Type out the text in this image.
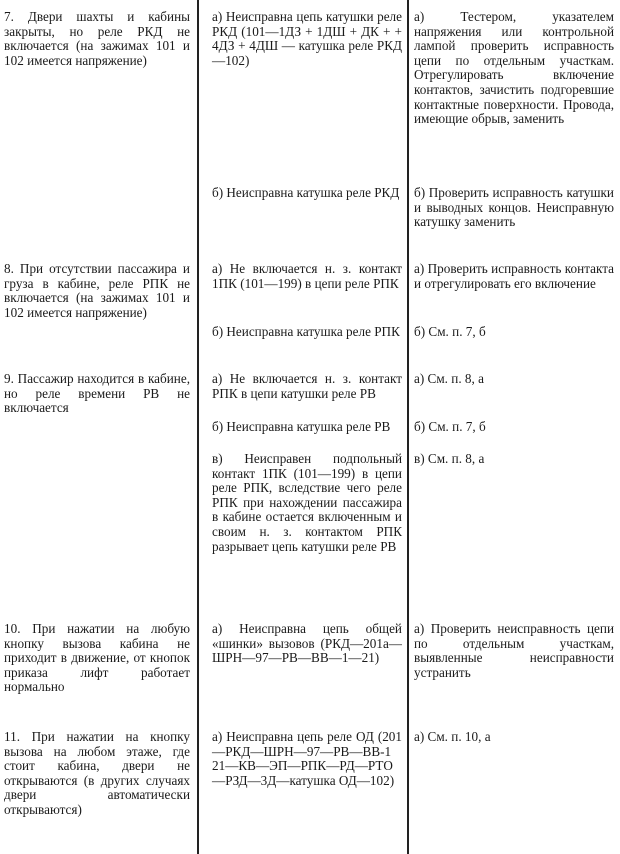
7. Двери шахты и кабины закрыты, но реле РКД не включается (на зажимах 101 и 102 имеется напряжение)

а) Неисправна цепь катушки реле РКД (101—1ДЗ + 1ДШ + ДК + + 4ДЗ + 4ДШ — катушка реле РКД—102)

б) Неисправна катушка реле РКД

а) Тестером, указателем напряжения или контрольной лампой проверить исправность цепи по отдельным участкам. Отрегулировать включение контактов, зачистить подгоревшие контактные поверхности. Провода, имеющие обрыв, заменить

б) Проверить исправность катушки и выводных концов. Неисправную катушку заменить

8. При отсутствии пассажира и груза в кабине, реле РПК не включается (на зажимах 101 и 102 имеется напряжение)

а) Не включается н. з. контакт 1ПК (101—199) в цепи реле РПК

б) Неисправна катушка реле РПК

а) Проверить исправность контакта и отрегулировать его включение

б) См. п. 7, б

9. Пассажир находится в кабине, но реле времени РВ не включается

а) Не включается н. з. контакт РПК в цепи катушки реле РВ

б) Неисправна катушка реле РВ

в) Неисправен подпольный контакт 1ПК (101—199) в цепи реле РПК, вследствие чего реле РПК при нахождении пассажира в кабине остается включенным и своим н. з. контактом РПК разрывает цепь катушки реле РВ

а) См. п. 8, а

б) См. п. 7, б

в) См. п. 8, а

10. При нажатии на любую кнопку вызова кабина не приходит в движение, от кнопок приказа лифт работает нормально

а) Неисправна цепь общей «шинки» вызовов (РКД—201а—ШРН—97—РВ—ВВ—1—21)

а) Проверить неисправность цепи по отдельным участкам, выявленные неисправности устранить

11. При нажатии на кнопку вызова на любом этаже, где стоит кабина, двери не открываются (в других случаях двери автоматически открываются)

а) Неисправна цепь реле ОД (201—РКД—ШРН—97—РВ—ВВ-1 21—КВ—ЭП—РПК—РД—РТО—РЗД—3Д—катушка ОД—102)

а) См. п. 10, а
